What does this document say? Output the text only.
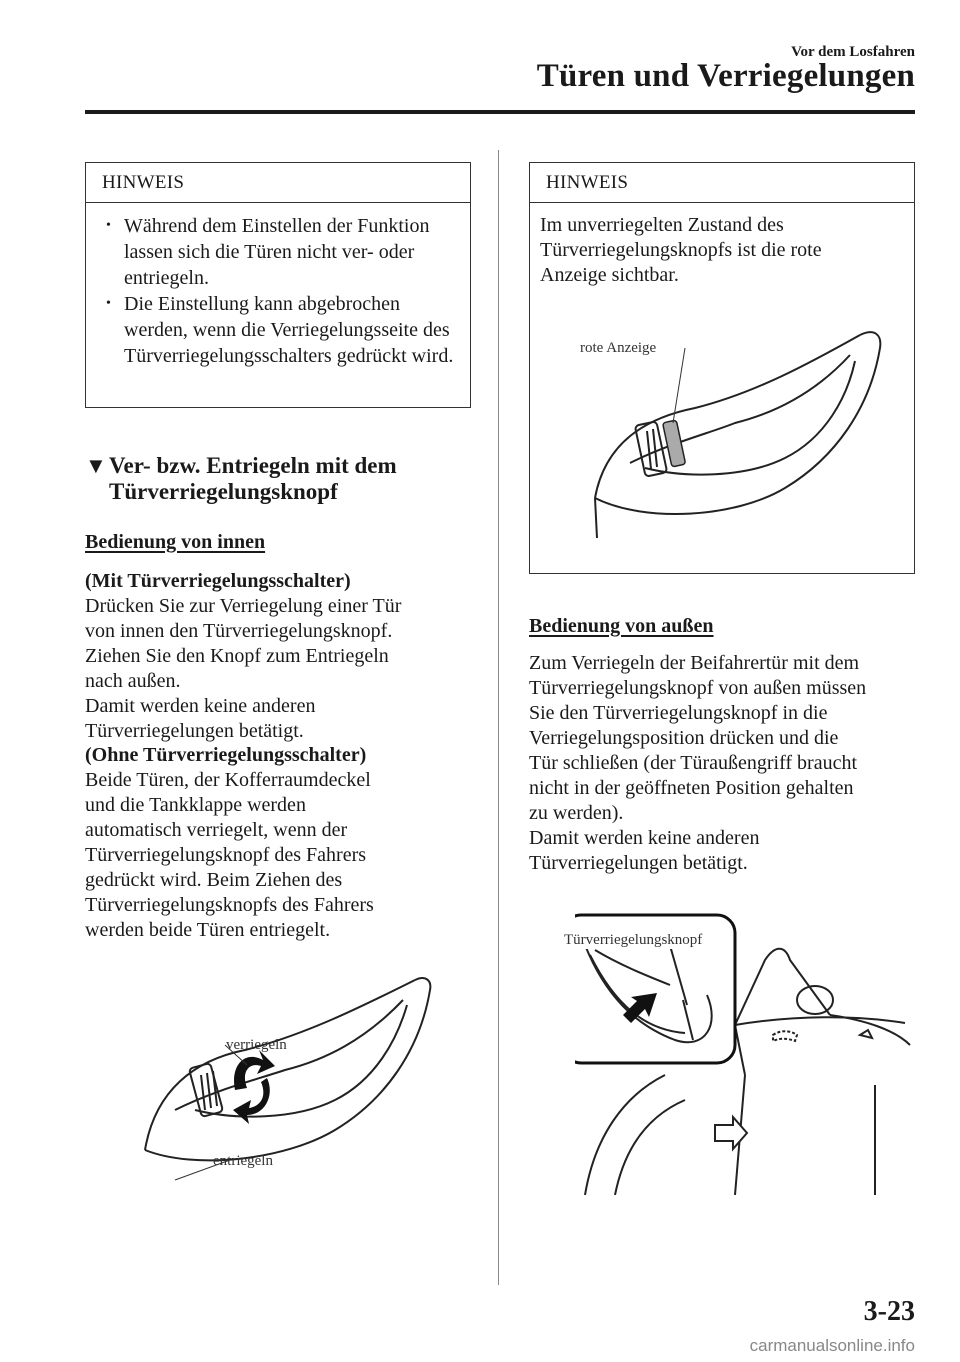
Vor dem Losfahren
Türen und Verriegelungen
HINWEIS
• Während dem Einstellen der Funktion lassen sich die Türen nicht ver- oder entriegeln.
• Die Einstellung kann abgebrochen werden, wenn die Verriegelungsseite des Türverriegelungsschalters gedrückt wird.
▼Ver- bzw. Entriegeln mit dem
Türverriegelungsknopf
Bedienung von innen
(Mit Türverriegelungsschalter)
Drücken Sie zur Verriegelung einer Tür
von innen den Türverriegelungsknopf.
Ziehen Sie den Knopf zum Entriegeln
nach außen.
Damit werden keine anderen
Türverriegelungen betätigt.
(Ohne Türverriegelungsschalter)
Beide Türen, der Kofferraumdeckel
und die Tankklappe werden
automatisch verriegelt, wenn der
Türverriegelungsknopf des Fahrers
gedrückt wird. Beim Ziehen des
Türverriegelungsknopfs des Fahrers
werden beide Türen entriegelt.
verriegeln
entriegeln
HINWEIS
Im unverriegelten Zustand des
Türverriegelungsknopfs ist die rote
Anzeige sichtbar.
rote Anzeige
Bedienung von außen
Zum Verriegeln der Beifahrertür mit dem
Türverriegelungsknopf von außen müssen
Sie den Türverriegelungsknopf in die
Verriegelungsposition drücken und die
Tür schließen (der Türaußengriff braucht
nicht in der geöffneten Position gehalten
zu werden).
Damit werden keine anderen
Türverriegelungen betätigt.
Türverriegelungsknopf
3-23
carmanualsonline.info
